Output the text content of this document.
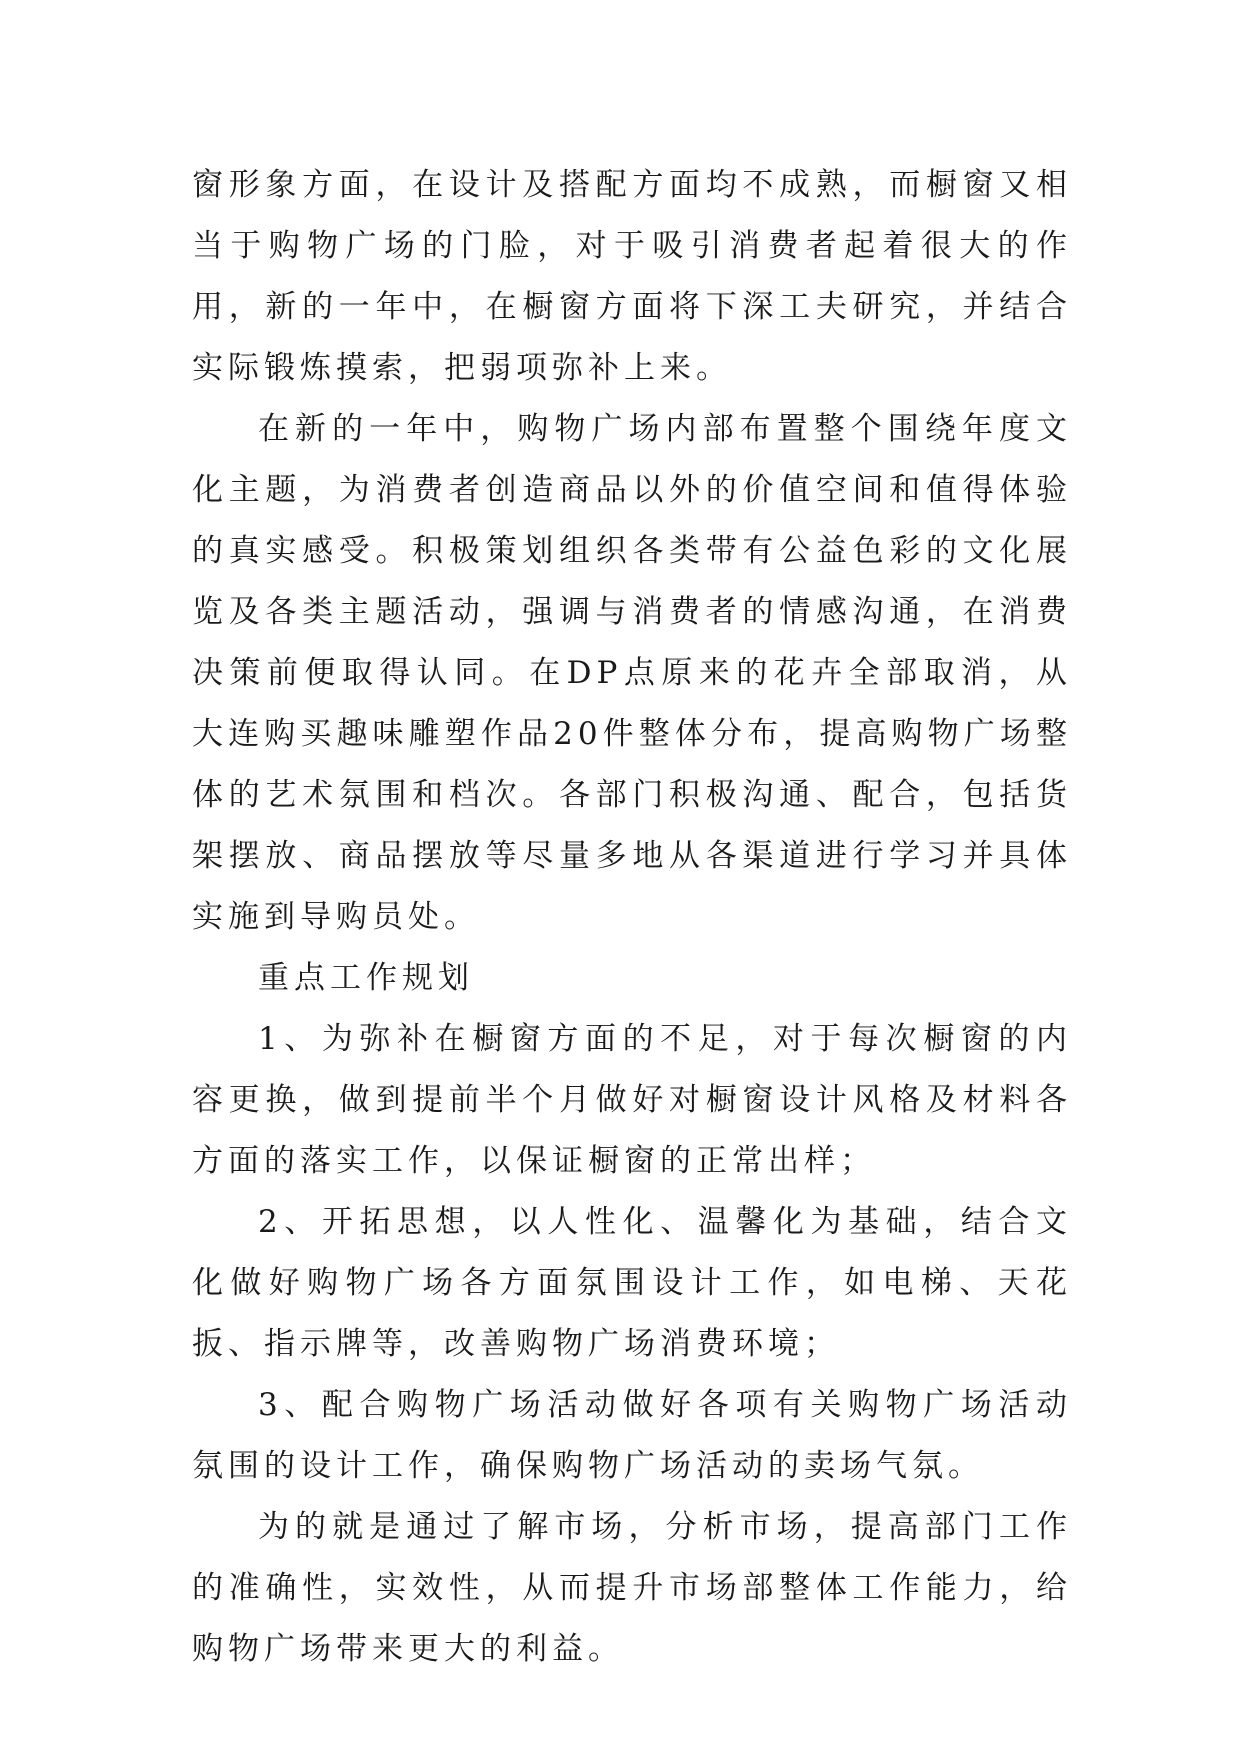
窗形象方面，在设计及搭配方面均不成熟，而橱窗又相当于购物广场的门脸，对于吸引消费者起着很大的作用，新的一年中，在橱窗方面将下深工夫研究，并结合实际锻炼摸索，把弱项弥补上来。

在新的一年中，购物广场内部布置整个围绕年度文化主题，为消费者创造商品以外的价值空间和值得体验的真实感受。积极策划组织各类带有公益色彩的文化展览及各类主题活动，强调与消费者的情感沟通，在消费决策前便取得认同。在DP点原来的花卉全部取消，从大连购买趣味雕塑作品20件整体分布，提高购物广场整体的艺术氛围和档次。各部门积极沟通、配合，包括货架摆放、商品摆放等尽量多地从各渠道进行学习并具体实施到导购员处。

重点工作规划

1、为弥补在橱窗方面的不足，对于每次橱窗的内容更换，做到提前半个月做好对橱窗设计风格及材料各方面的落实工作，以保证橱窗的正常出样；

2、开拓思想，以人性化、温馨化为基础，结合文化做好购物广场各方面氛围设计工作，如电梯、天花扳、指示牌等，改善购物广场消费环境；

3、配合购物广场活动做好各项有关购物广场活动氛围的设计工作，确保购物广场活动的卖场气氛。

为的就是通过了解市场，分析市场，提高部门工作的准确性，实效性，从而提升市场部整体工作能力，给购物广场带来更大的利益。
